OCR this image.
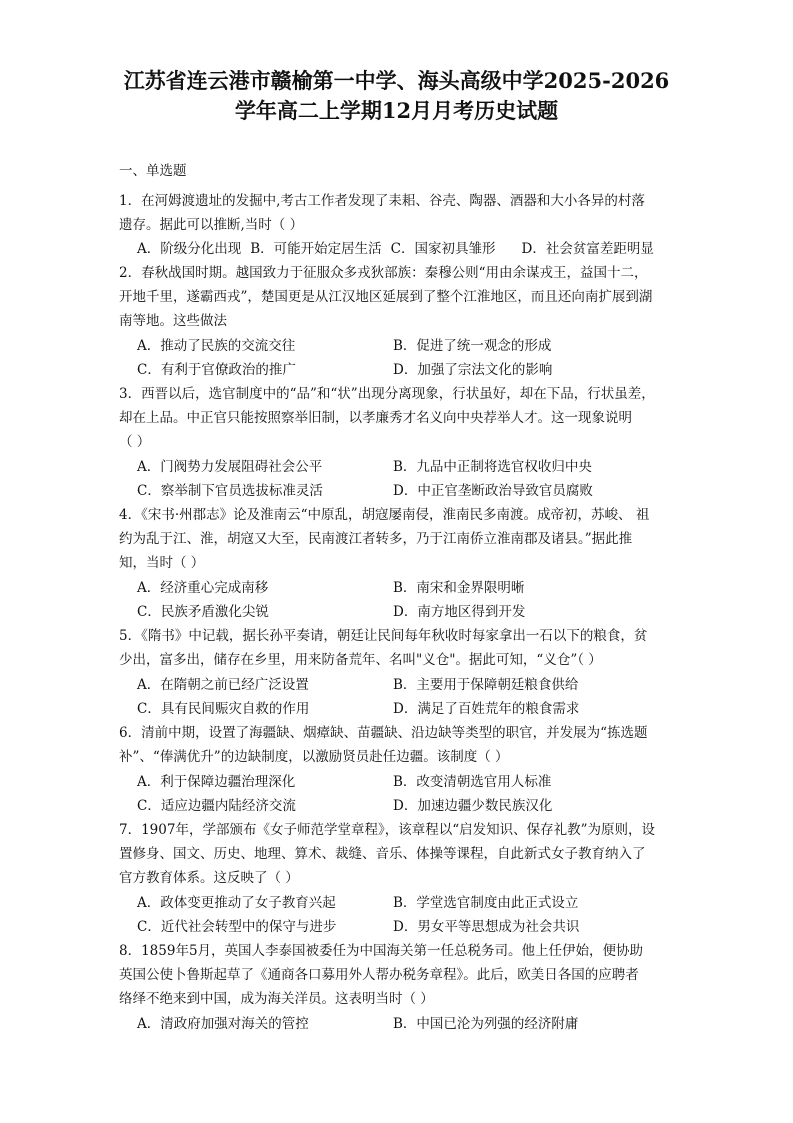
江苏省连云港市赣榆第一中学、海头高级中学2025-2026
学年高二上学期12月月考历史试题
一、单选题

1．在河姆渡遗址的发掘中,考古工作者发现了耒耜、谷壳、陶器、酒器和大小各异的村落

遗存。据此可以推断,当时（ ）

A．阶级分化出现 B．可能开始定居生活 C．国家初具雏形 D．社会贫富差距明显

2．春秋战国时期。越国致力于征服众多戎狄部族：秦穆公则“用由余谋戎王，益国十二，

开地千里，遂霸西戎”，楚国更是从江汉地区延展到了整个江淮地区，而且还向南扩展到湖

南等地。这些做法

A．推动了民族的交流交往	B．促进了统一观念的形成
C．有利于官僚政治的推广	D．加强了宗法文化的影响

3．西晋以后，选官制度中的“品”和“状”出现分离现象，行状虽好，却在下品，行状虽差，

却在上品。中正官只能按照察举旧制，以孝廉秀才名义向中央荐举人才。这一现象说明

（ ）

A．门阀势力发展阻碍社会公平	B．九品中正制将选官权收归中央
C．察举制下官员选拔标准灵活	D．中正官垄断政治导致官员腐败

4．《宋书·州郡志》论及淮南云“中原乱，胡寇屡南侵，淮南民多南渡。成帝初，苏峻、 祖

约为乱于江、淮，胡寇又大至，民南渡江者转多，乃于江南侨立淮南郡及诸县。”据此推

知，当时（ ）

A．经济重心完成南移	B．南宋和金界限明晰
C．民族矛盾激化尖锐	D．南方地区得到开发

5．《隋书》中记载，据长孙平奏请，朝廷让民间每年秋收时每家拿出一石以下的粮食，贫

少出，富多出，储存在乡里，用来防备荒年、名叫"义仓"。据此可知，“义仓”（ ）

A．在隋朝之前已经广泛设置	B．主要用于保障朝廷粮食供给
C．具有民间赈灾自救的作用	D．满足了百姓荒年的粮食需求

6．清前中期，设置了海疆缺、烟瘴缺、苗疆缺、沿边缺等类型的职官，并发展为“拣选题

补”、“俸满优升”的边缺制度，以激励贤员赴任边疆。该制度（ ）

A．利于保障边疆治理深化	B．改变清朝选官用人标准
C．适应边疆内陆经济交流	D．加速边疆少数民族汉化

7．1907年，学部颁布《女子师范学堂章程》，该章程以“启发知识、保存礼教”为原则，设

置修身、国文、历史、地理、算术、裁缝、音乐、体操等课程，自此新式女子教育纳入了

官方教育体系。这反映了（ ）

A．政体变更推动了女子教育兴起	B．学堂选官制度由此正式设立
C．近代社会转型中的保守与进步	D．男女平等思想成为社会共识

8．1859年5月，英国人李泰国被委任为中国海关第一任总税务司。他上任伊始，便协助

英国公使卜鲁斯起草了《通商各口募用外人帮办税务章程》。此后，欧美日各国的应聘者

络绎不绝来到中国，成为海关洋员。这表明当时（ ）

A．清政府加强对海关的管控	B．中国已沦为列强的经济附庸
